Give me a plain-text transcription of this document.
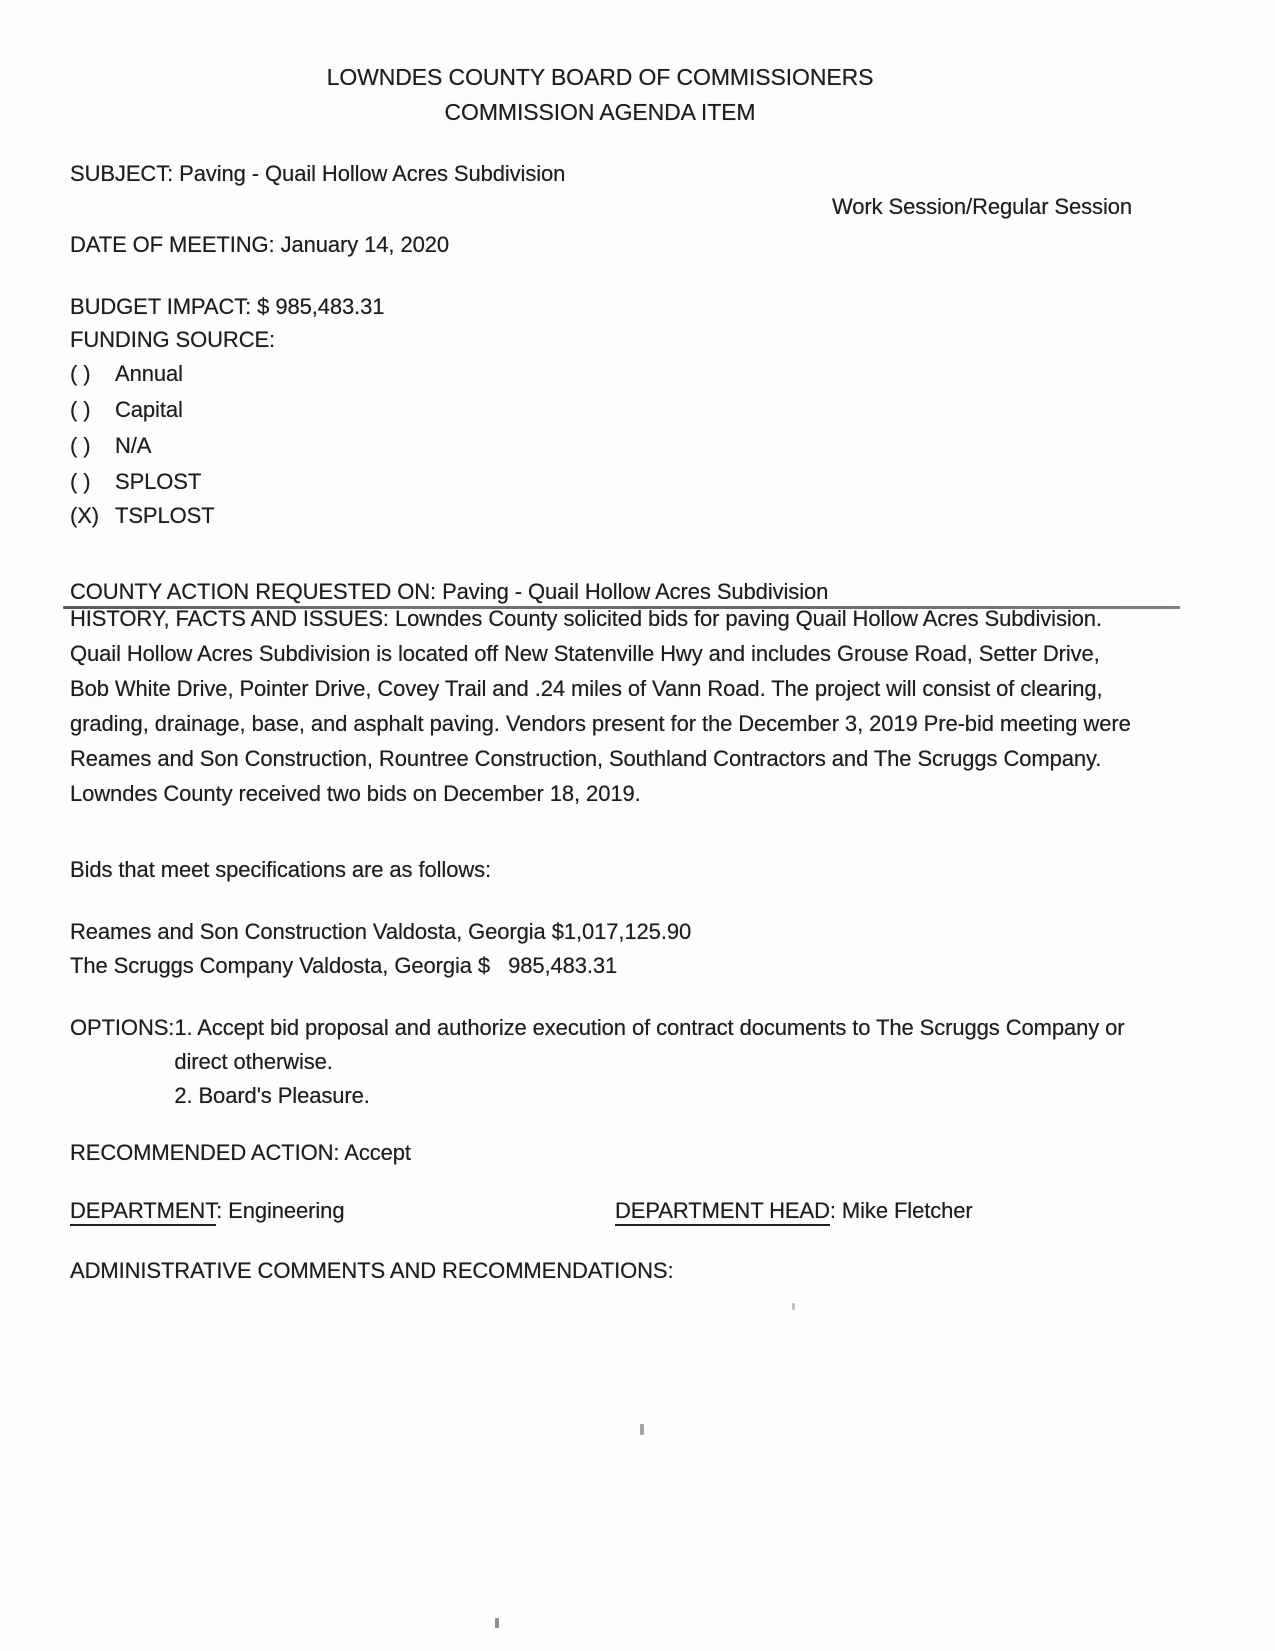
LOWNDES COUNTY BOARD OF COMMISSIONERS
COMMISSION AGENDA ITEM
SUBJECT: Paving - Quail Hollow Acres Subdivision
Work Session/Regular Session
DATE OF MEETING: January 14, 2020
BUDGET IMPACT: $ 985,483.31
FUNDING SOURCE:
( ) Annual
( ) Capital
( ) N/A
( ) SPLOST
(X) TSPLOST
COUNTY ACTION REQUESTED ON: Paving - Quail Hollow Acres Subdivision

HISTORY, FACTS AND ISSUES: Lowndes County solicited bids for paving Quail Hollow Acres Subdivision. Quail Hollow Acres Subdivision is located off New Statenville Hwy and includes Grouse Road, Setter Drive, Bob White Drive, Pointer Drive, Covey Trail and .24 miles of Vann Road. The project will consist of clearing, grading, drainage, base, and asphalt paving. Vendors present for the December 3, 2019 Pre-bid meeting were Reames and Son Construction, Rountree Construction, Southland Contractors and The Scruggs Company. Lowndes County received two bids on December 18, 2019.

Bids that meet specifications are as follows:
Reames and Son Construction Valdosta, Georgia $1,017,125.90
The Scruggs Company Valdosta, Georgia $   985,483.31
OPTIONS: 1. Accept bid proposal and authorize execution of contract documents to The Scruggs Company or direct otherwise.
2. Board's Pleasure.
RECOMMENDED ACTION: Accept
DEPARTMENT: Engineering	DEPARTMENT HEAD: Mike Fletcher
ADMINISTRATIVE COMMENTS AND RECOMMENDATIONS:
